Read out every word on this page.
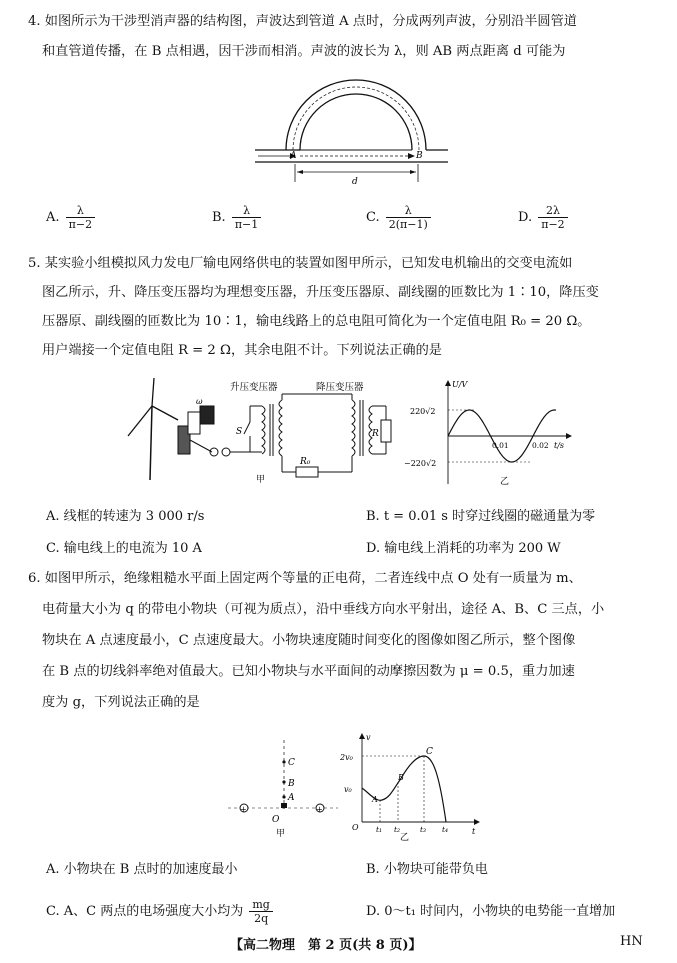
4. 如图所示为干涉型消声器的结构图，声波达到管道 A 点时，分成两列声波，分别沿半圆管道
和直管道传播，在 B 点相遇，因干涉而相消。声波的波长为 λ，则 AB 两点距离 d 可能为
A	B
d
A. $\frac{\lambda}{\pi-2}$	B. $\frac{\lambda}{\pi-1}$	C. $\frac{\lambda}{2(\pi-1)}$	D. $\frac{2\lambda}{\pi-2}$
5. 某实验小组模拟风力发电厂输电网络供电的装置如图甲所示，已知发电机输出的交变电流如
图乙所示，升、降压变压器均为理想变压器，升压变压器原、副线圈的匝数比为 1∶10，降压变
压器原、副线圈的匝数比为 10∶1，输电线路上的总电阻可简化为一个定值电阻 R₀ = 20 Ω。
用户端接一个定值电阻 R = 2 Ω，其余电阻不计。下列说法正确的是
ω
S
升压变压器
R₀
降压变压器
R
甲
U/V
t/s
220√2
−220√2
0.01	0.02
乙
A. 线框的转速为 3 000 r/s	B. t = 0.01 s 时穿过线圈的磁通量为零
C. 输电线上的电流为 10 A	D. 输电线上消耗的功率为 200 W
6. 如图甲所示，绝缘粗糙水平面上固定两个等量的正电荷，二者连线中点 O 处有一质量为 m、
电荷量大小为 q 的带电小物块（可视为质点），沿中垂线方向水平射出，途径 A、B、C 三点，小
物块在 A 点速度最小，C 点速度最大。小物块速度随时间变化的图像如图乙所示，整个图像
在 B 点的切线斜率绝对值最大。已知小物块与水平面间的动摩擦因数为 μ = 0.5，重力加速
度为 g，下列说法正确的是
+	+
C
B
A
O
甲
v
t
2v₀
v₀
O
A
B
C
t₁ t₂	t₃ t₄
乙
A. 小物块在 B 点时的加速度最小	B. 小物块可能带负电
C. A、C 两点的电场强度大小均为 $\frac{mg}{2q}$	D. 0～t₁ 时间内，小物块的电势能一直增加
【高二物理　第 2 页(共 8 页)】	HN
